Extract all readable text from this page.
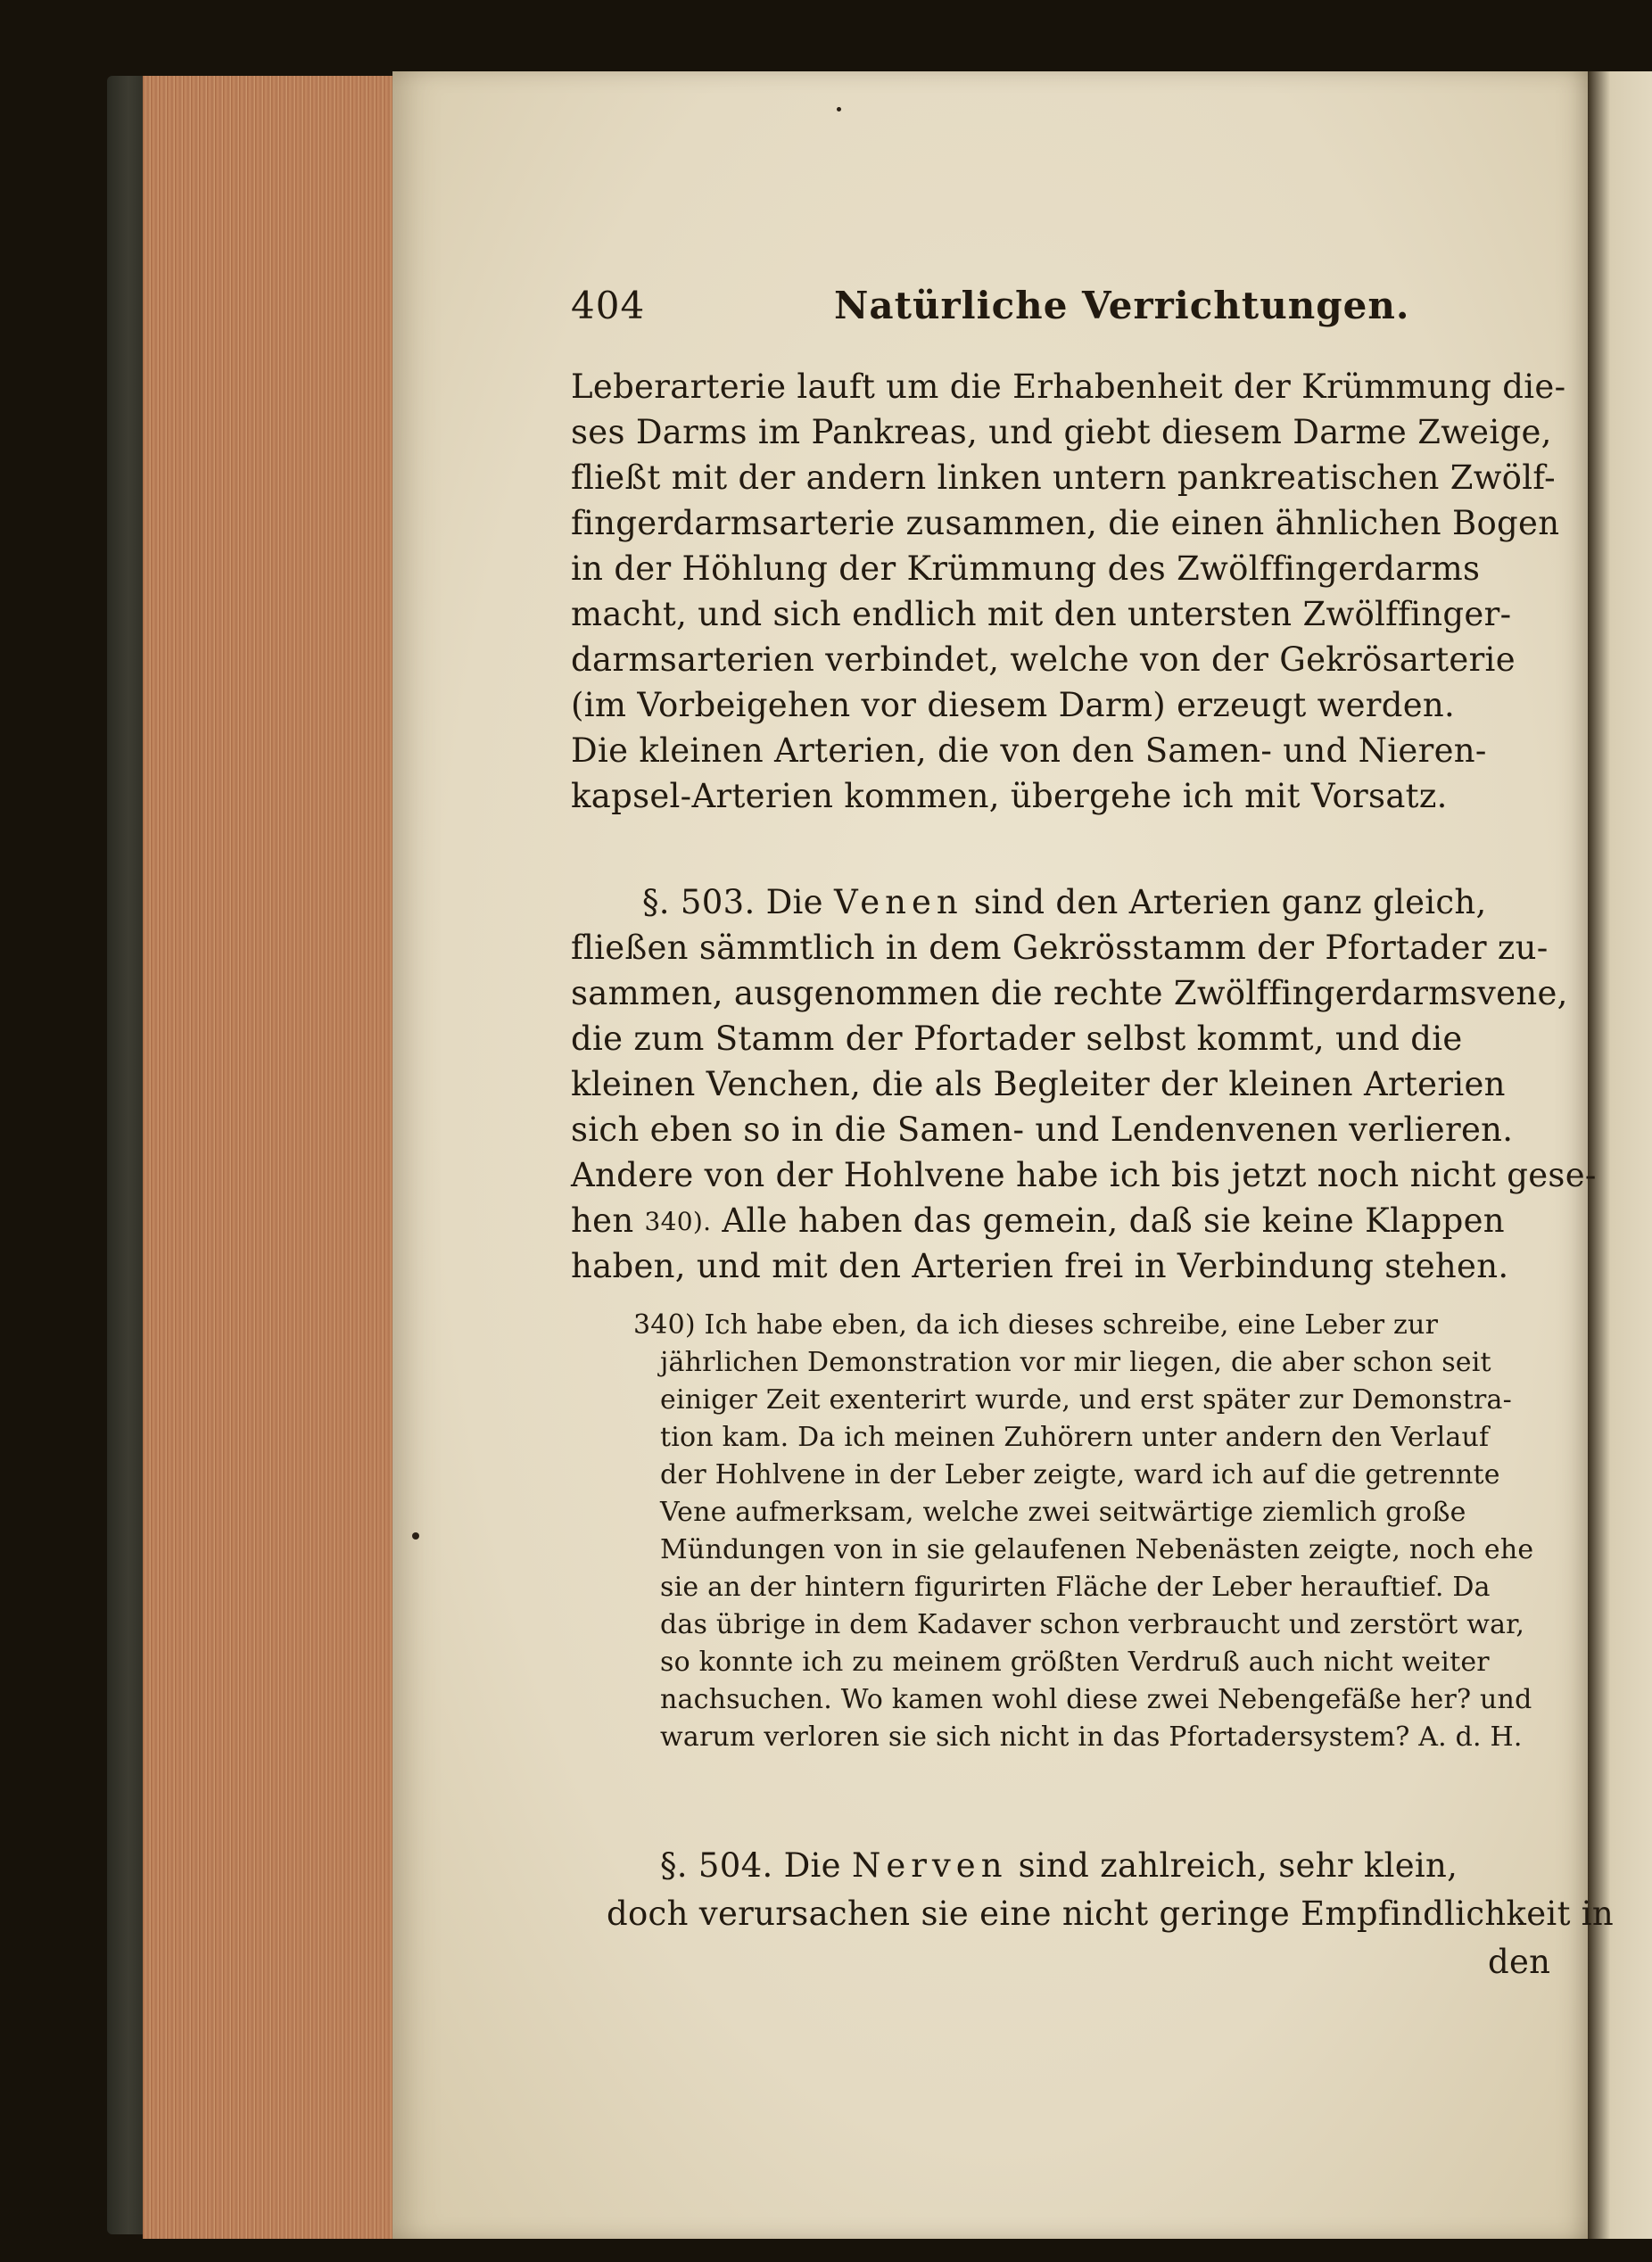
404	Natürliche Verrichtungen.
Leberarterie lauft um die Erhabenheit der Krümmung die-
ses Darms im Pankreas, und giebt diesem Darme Zweige,
fließt mit der andern linken untern pankreatischen Zwölf-
fingerdarmsarterie zusammen, die einen ähnlichen Bogen
in der Höhlung der Krümmung des Zwölffingerdarms
macht, und sich endlich mit den untersten Zwölffinger-
darmsarterien verbindet, welche von der Gekrösarterie
(im Vorbeigehen vor diesem Darm) erzeugt werden.
Die kleinen Arterien, die von den Samen- und Nieren-
kapsel-Arterien kommen, übergehe ich mit Vorsatz.
§. 503. Die Venen sind den Arterien ganz gleich,
fließen sämmtlich in dem Gekrösstamm der Pfortader zu-
sammen, ausgenommen die rechte Zwölffingerdarmsvene,
die zum Stamm der Pfortader selbst kommt, und die
kleinen Venchen, die als Begleiter der kleinen Arterien
sich eben so in die Samen- und Lendenvenen verlieren.
Andere von der Hohlvene habe ich bis jetzt noch nicht gese-
hen 340). Alle haben das gemein, daß sie keine Klappen
haben, und mit den Arterien frei in Verbindung stehen.
340) Ich habe eben, da ich dieses schreibe, eine Leber zur
jährlichen Demonstration vor mir liegen, die aber schon seit
einiger Zeit exenterirt wurde, und erst später zur Demonstra-
tion kam. Da ich meinen Zuhörern unter andern den Verlauf
der Hohlvene in der Leber zeigte, ward ich auf die getrennte
Vene aufmerksam, welche zwei seitwärtige ziemlich große
Mündungen von in sie gelaufenen Nebenästen zeigte, noch ehe
sie an der hintern figurirten Fläche der Leber herauftief. Da
das übrige in dem Kadaver schon verbraucht und zerstört war,
so konnte ich zu meinem größten Verdruß auch nicht weiter
nachsuchen. Wo kamen wohl diese zwei Nebengefäße her? und
warum verloren sie sich nicht in das Pfortadersystem? A. d. H.
§. 504. Die Nerven sind zahlreich, sehr klein,
doch verursachen sie eine nicht geringe Empfindlichkeit in
den
